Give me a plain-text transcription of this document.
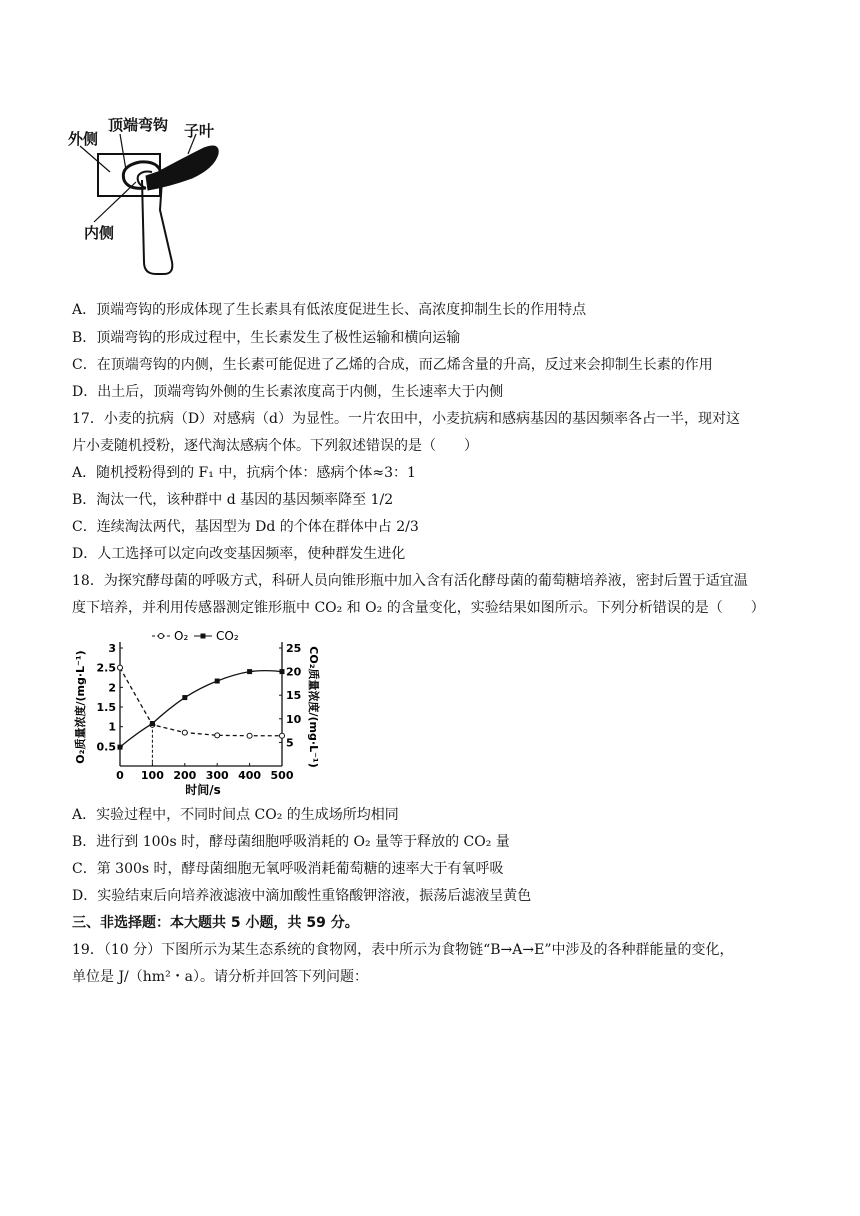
顶端弯钩 子叶
外侧
内侧
A．顶端弯钩的形成体现了生长素具有低浓度促进生长、高浓度抑制生长的作用特点
B．顶端弯钩的形成过程中，生长素发生了极性运输和横向运输
C．在顶端弯钩的内侧，生长素可能促进了乙烯的合成，而乙烯含量的升高，反过来会抑制生长素的作用
D．出土后，顶端弯钩外侧的生长素浓度高于内侧，生长速率大于内侧
17．小麦的抗病（D）对感病（d）为显性。一片农田中，小麦抗病和感病基因的基因频率各占一半，现对这
片小麦随机授粉，逐代淘汰感病个体。下列叙述错误的是（　　）
A．随机授粉得到的 F₁ 中，抗病个体：感病个体≈3：1
B．淘汰一代，该种群中 d 基因的基因频率降至 1/2
C．连续淘汰两代，基因型为 Dd 的个体在群体中占 2/3
D．人工选择可以定向改变基因频率，使种群发生进化
18．为探究酵母菌的呼吸方式，科研人员向锥形瓶中加入含有活化酵母菌的葡萄糖培养液，密封后置于适宜温
度下培养，并利用传感器测定锥形瓶中 CO₂ 和 O₂ 的含量变化，实验结果如图所示。下列分析错误的是（　　）
0 100 200 300 400 500
0.5
1
1.5
2
2.5
3
5
10
15
20
25
O₂ CO₂
O₂质量浓度/(mg·L⁻¹)	CO₂质量浓度/(mg·L⁻¹)
时间/s
A．实验过程中，不同时间点 CO₂ 的生成场所均相同
B．进行到 100s 时，酵母菌细胞呼吸消耗的 O₂ 量等于释放的 CO₂ 量
C．第 300s 时，酵母菌细胞无氧呼吸消耗葡萄糖的速率大于有氧呼吸
D．实验结束后向培养液滤液中滴加酸性重铬酸钾溶液，振荡后滤液呈黄色
三、非选择题：本大题共 5 小题，共 59 分。
19．（10 分）下图所示为某生态系统的食物网，表中所示为食物链“B→A→E”中涉及的各种群能量的变化，
单位是 J/（hm²・a）。请分析并回答下列问题：
